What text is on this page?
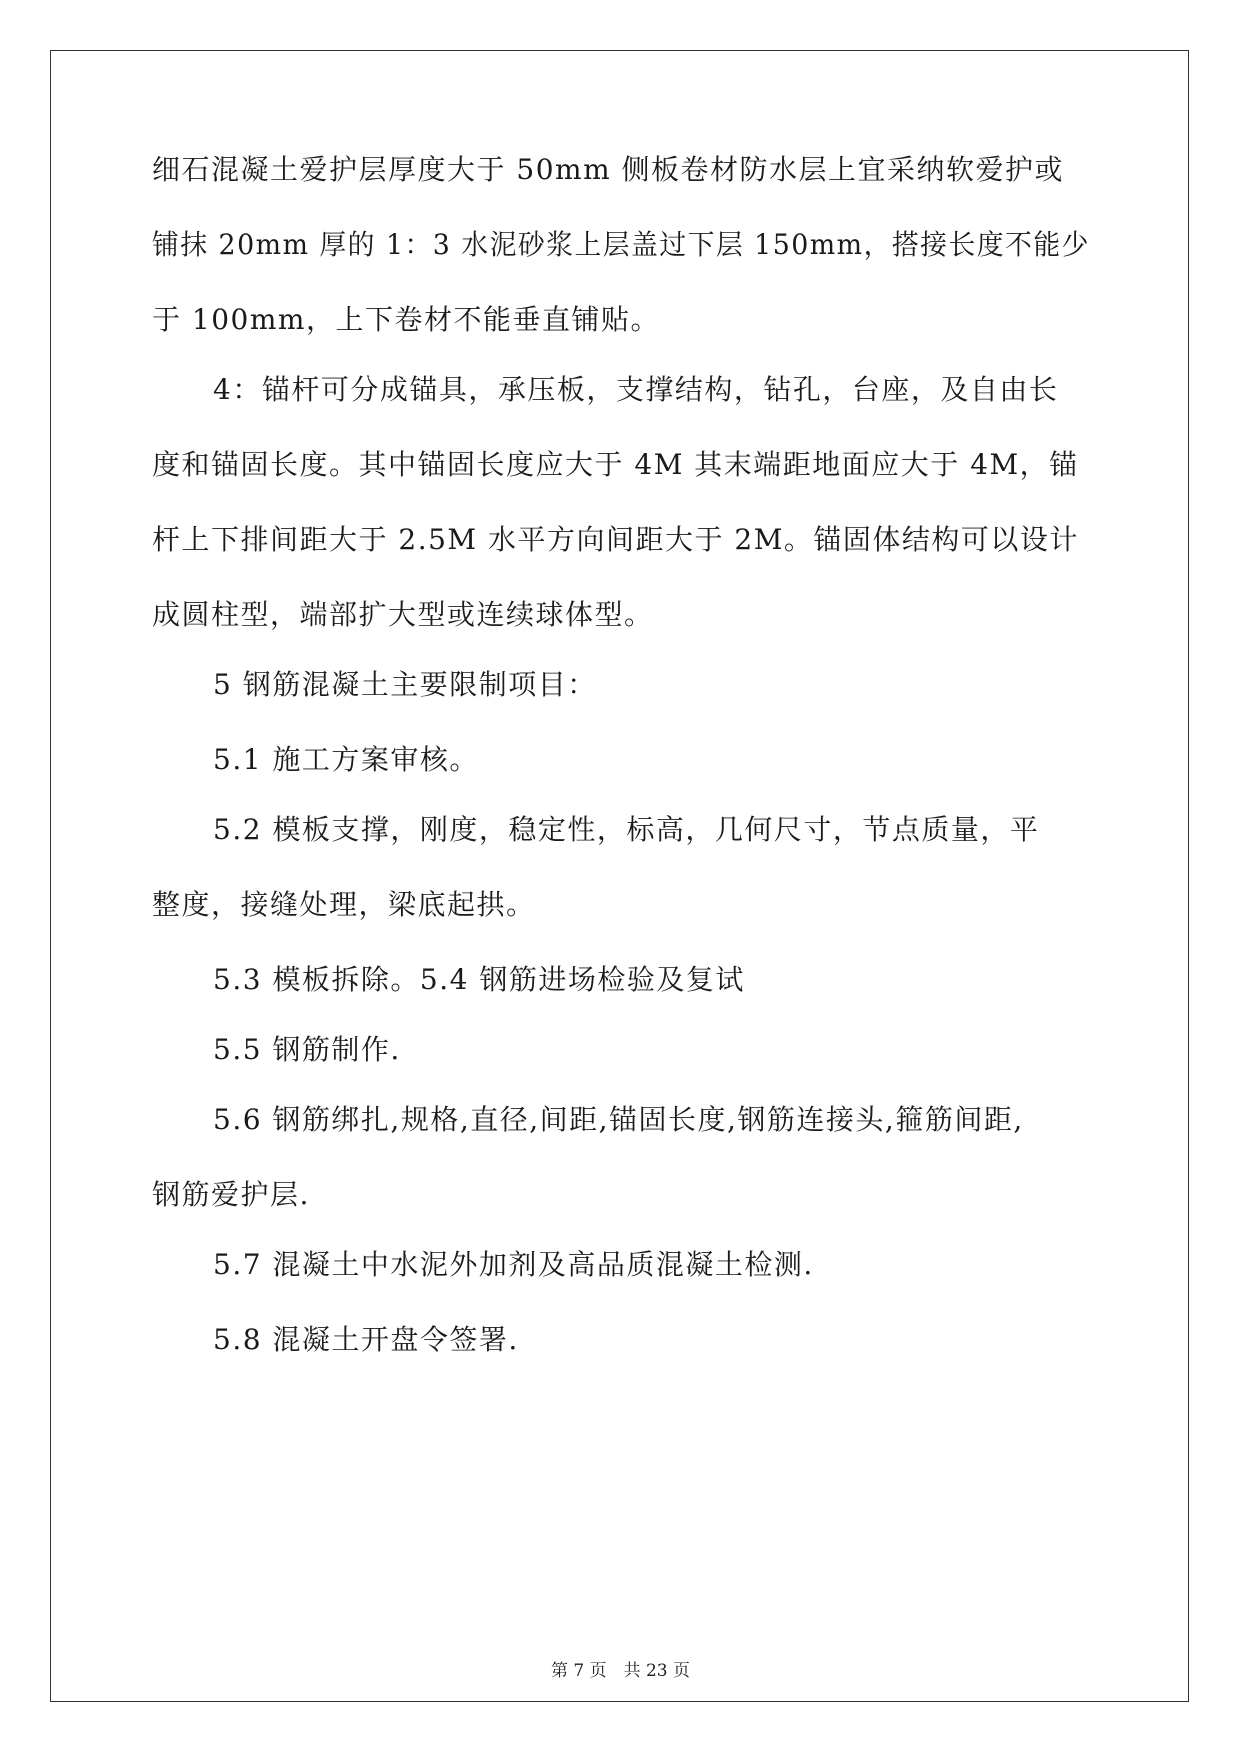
细石混凝土爱护层厚度大于 50mm 侧板卷材防水层上宜采纳软爱护或
铺抹 20mm 厚的 1：3 水泥砂浆上层盖过下层 150mm，搭接长度不能少
于 100mm，上下卷材不能垂直铺贴。
4：锚杆可分成锚具，承压板，支撑结构，钻孔，台座，及自由长
度和锚固长度。其中锚固长度应大于 4M 其末端距地面应大于 4M，锚
杆上下排间距大于 2.5M 水平方向间距大于 2M。锚固体结构可以设计
成圆柱型，端部扩大型或连续球体型。
5 钢筋混凝土主要限制项目：
5.1 施工方案审核。
5.2 模板支撑，刚度，稳定性，标高，几何尺寸，节点质量，平
整度，接缝处理，梁底起拱。
5.3 模板拆除。5.4 钢筋进场检验及复试
5.5 钢筋制作.
5.6 钢筋绑扎,规格,直径,间距,锚固长度,钢筋连接头,箍筋间距,
钢筋爱护层.
5.7 混凝土中水泥外加剂及高品质混凝土检测.
5.8 混凝土开盘令签署.
第 7 页　共 23 页
